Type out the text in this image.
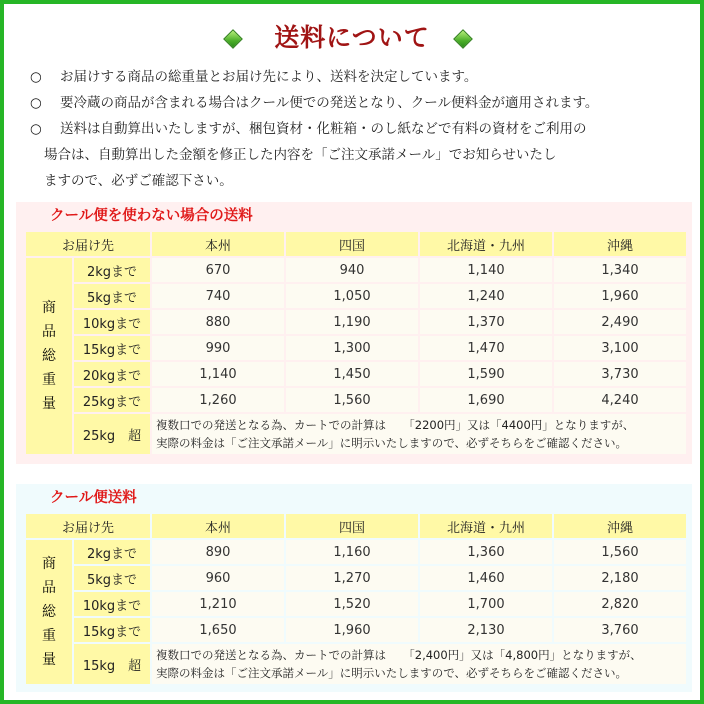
送料について
○ お届けする商品の総重量とお届け先により、送料を決定しています。
○ 要冷蔵の商品が含まれる場合はクール便での発送となり、クール便料金が適用されます。
○ 送料は自動算出いたしますが、梱包資材・化粧箱・のし紙などで有料の資材をご利用の
場合は、自動算出した金額を修正した内容を「ご注文承諾メール」でお知らせいたし
ますので、必ずご確認下さい。
クール便を使わない場合の送料
お届け先		本州	四国	北海道・九州	沖縄

商
品
総
重
量	2kgまで	670	940	1,140	1,340
	5kgまで	740	1,050	1,240	1,960
	10kgまで	880	1,190	1,370	2,490
	15kgまで	990	1,300	1,470	3,100
	20kgまで	1,140	1,450	1,590	3,730
	25kgまで	1,260	1,560	1,690	4,240
	25kg　超	複数口での発送となる為、カートでの計算は　　「2200円」又は「4400円」となりますが、
実際の料金は「ご注文承諾メール」に明示いたしますので、必ずそちらをご確認ください。			
クール便送料
お届け先		本州	四国	北海道・九州	沖縄

商
品
総
重
量	2kgまで	890	1,160	1,360	1,560
	5kgまで	960	1,270	1,460	2,180
	10kgまで	1,210	1,520	1,700	2,820
	15kgまで	1,650	1,960	2,130	3,760
	15kg　超	複数口での発送となる為、カートでの計算は　　「2,400円」又は「4,800円」となりますが、
実際の料金は「ご注文承諾メール」に明示いたしますので、必ずそちらをご確認ください。			
